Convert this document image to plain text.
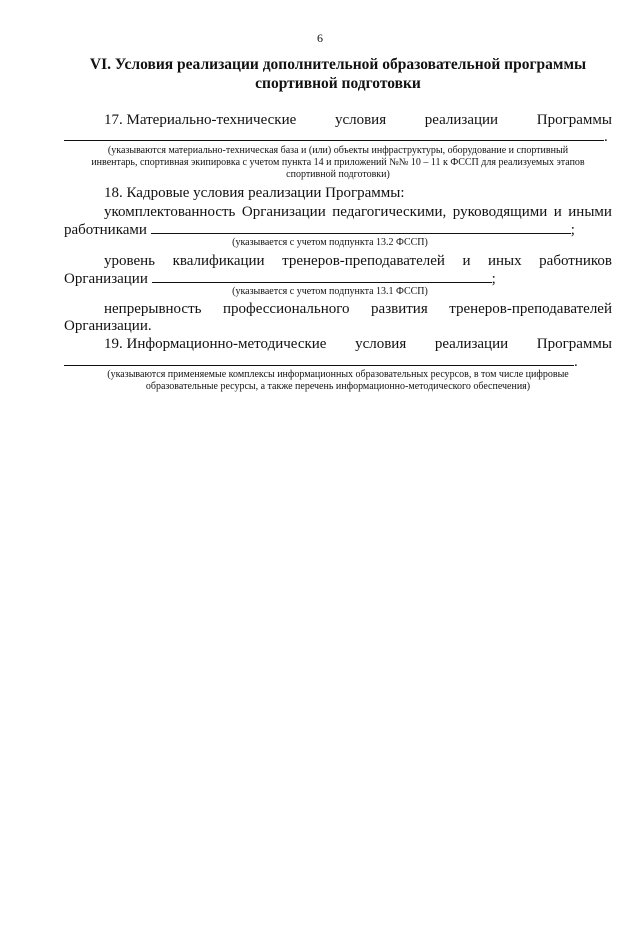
6
VI. Условия реализации дополнительной образовательной программы
спортивной подготовки
17. Материально-технические	условия	реализации	Программы
.
(указываются материально-техническая база и (или) объекты инфраструктуры, оборудование и спортивный
инвентарь, спортивная экипировка с учетом пункта 14 и приложений №№ 10 – 11 к ФССП для реализуемых этапов
спортивной подготовки)
18. Кадровые условия реализации Программы:
укомплектованность Организации педагогическими, руководящими и иными
работниками	;
(указывается с учетом подпункта 13.2 ФССП)
уровень квалификации тренеров-преподавателей и иных работников
Организации	;
(указывается с учетом подпункта 13.1 ФССП)
непрерывность профессионального развития тренеров-преподавателей
Организации.
19. Информационно-методические условия реализации Программы
.
(указываются применяемые комплексы информационных образовательных ресурсов, в том числе цифровые
образовательные ресурсы, а также перечень информационно-методического обеспечения)
